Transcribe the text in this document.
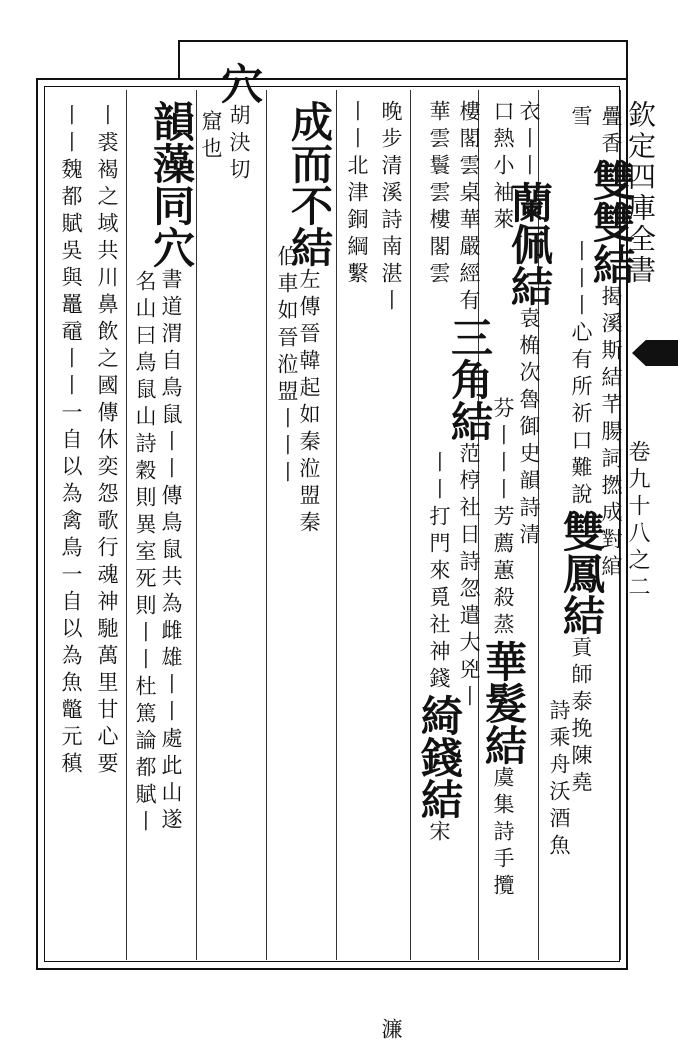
欽定四庫全書
卷九十八之二
疊香雙雙結揭溪斯結芊腸詞撚成對綰
雪　　　　丨丨丨心有所祈口難說雙鳳結貢師泰挽陳堯
　　　　　　　　　　　　　　　　　　　　　　詩乘舟沃酒魚
衣丨丨蘭佩結袁桷次魯御史韻詩清
口熱小袖萊　　　　　　芬丨丨丨芳薦蕙殺蒸華髮結虞集詩手攬
樓閣雲桌華嚴經有三角結范梈社日詩忽遣大兇丨
華雲鬟雲樓閣雲　　　　　　丨丨打門來覓社神錢綺錢結宋
晚步清溪詩南湛丨　　　　　　　　　　　　　　　　　　　　　　　　　　濂
丨丨北津銅綱繫
成而不結左傳晉韓起如秦涖盟秦
伯車如晉涖盟丨丨丨
穴胡決切
窟也
韻藻同穴書道渭自鳥鼠丨丨傳鳥鼠共為雌雄丨丨處此山遂
名山曰鳥鼠山詩穀則異室死則丨丨杜篤論都賦丨
丨裘褐之域共川鼻飲之國傳休奕怨歌行魂神馳萬里甘心要
丨丨魏都賦吳與鼉黿丨丨一自以為禽鳥一自以為魚鼈元稹
